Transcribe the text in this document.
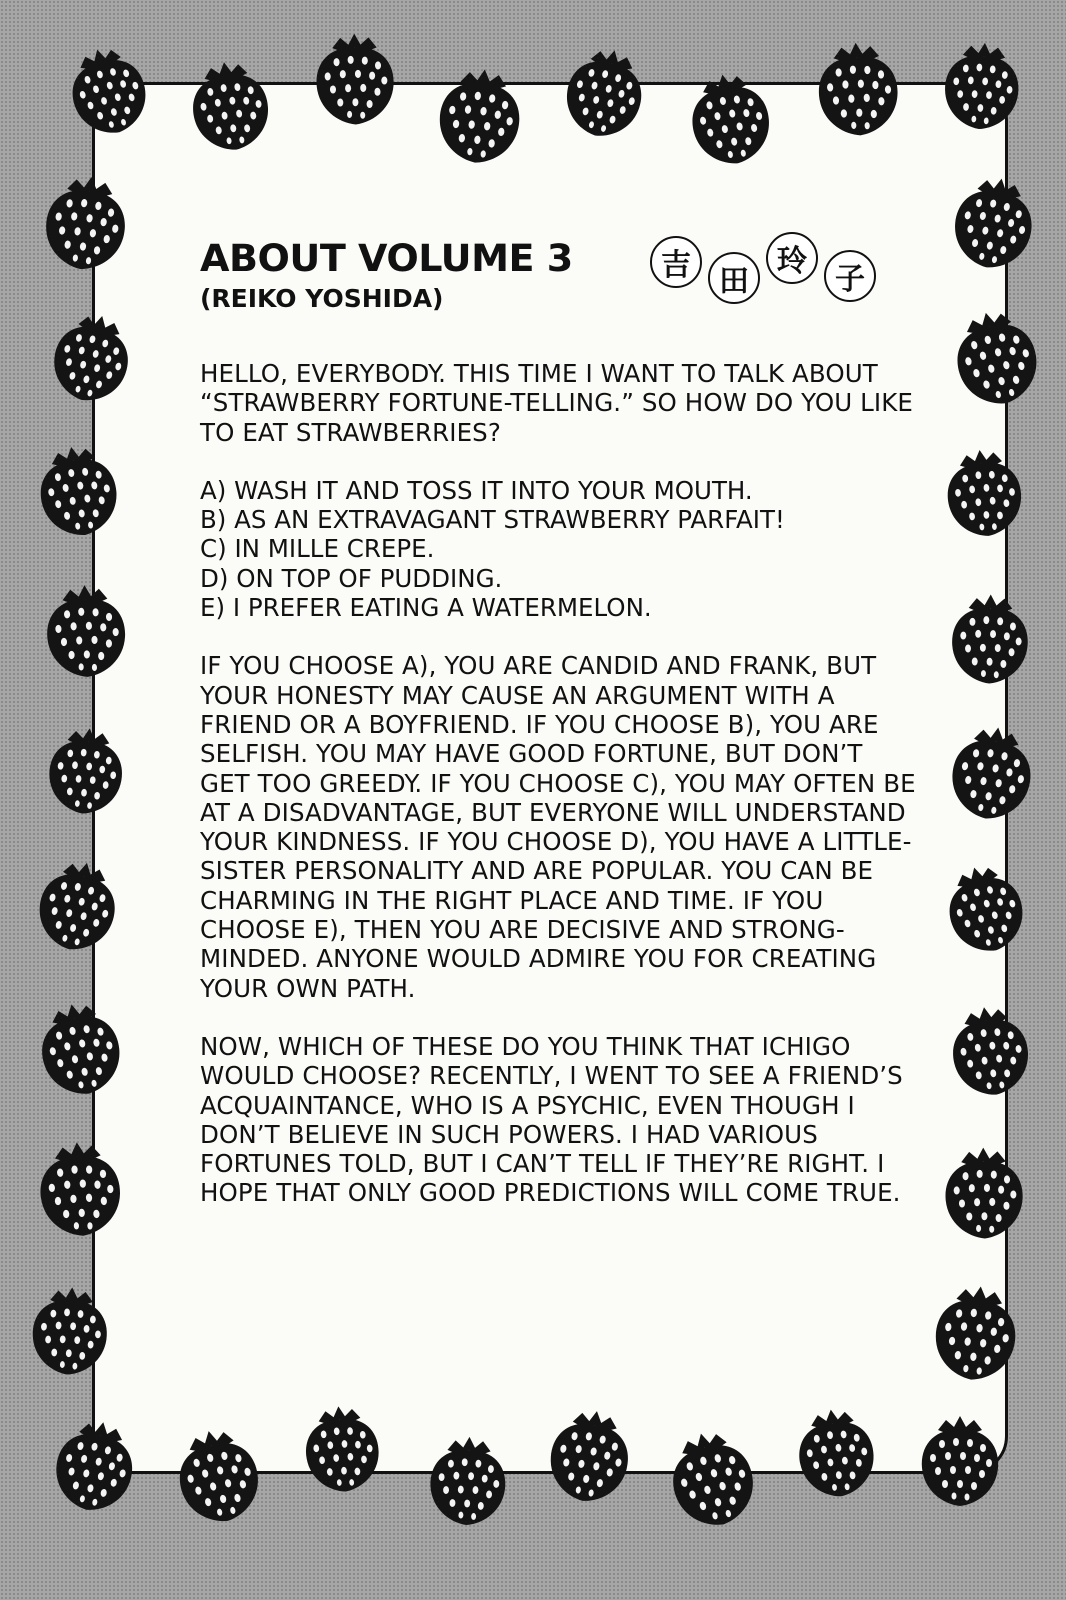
吉 田
玲
子
ABOUT VOLUME 3
(REIKO YOSHIDA)

HELLO, EVERYBODY. THIS TIME I WANT TO TALK ABOUT “STRAWBERRY FORTUNE-TELLING.” SO HOW DO YOU LIKE TO EAT STRAWBERRIES?

A) WASH IT AND TOSS IT INTO YOUR MOUTH.

B) AS AN EXTRAVAGANT STRAWBERRY PARFAIT!

C) IN MILLE CREPE.

D) ON TOP OF PUDDING.

E) I PREFER EATING A WATERMELON.

IF YOU CHOOSE A), YOU ARE CANDID AND FRANK, BUT YOUR HONESTY MAY CAUSE AN ARGUMENT WITH A FRIEND OR A BOYFRIEND. IF YOU CHOOSE B), YOU ARE SELFISH. YOU MAY HAVE GOOD FORTUNE, BUT DON’T GET TOO GREEDY. IF YOU CHOOSE C), YOU MAY OFTEN BE AT A DISADVANTAGE, BUT EVERYONE WILL UNDERSTAND YOUR KINDNESS. IF YOU CHOOSE D), YOU HAVE A LITTLE-SISTER PERSONALITY AND ARE POPULAR. YOU CAN BE CHARMING IN THE RIGHT PLACE AND TIME. IF YOU CHOOSE E), THEN YOU ARE DECISIVE AND STRONG-MINDED. ANYONE WOULD ADMIRE YOU FOR CREATING YOUR OWN PATH.

NOW, WHICH OF THESE DO YOU THINK THAT ICHIGO WOULD CHOOSE? RECENTLY, I WENT TO SEE A FRIEND’S ACQUAINTANCE, WHO IS A PSYCHIC, EVEN THOUGH I DON’T BELIEVE IN SUCH POWERS. I HAD VARIOUS FORTUNES TOLD, BUT I CAN’T TELL IF THEY’RE RIGHT. I HOPE THAT ONLY GOOD PREDICTIONS WILL COME TRUE.
